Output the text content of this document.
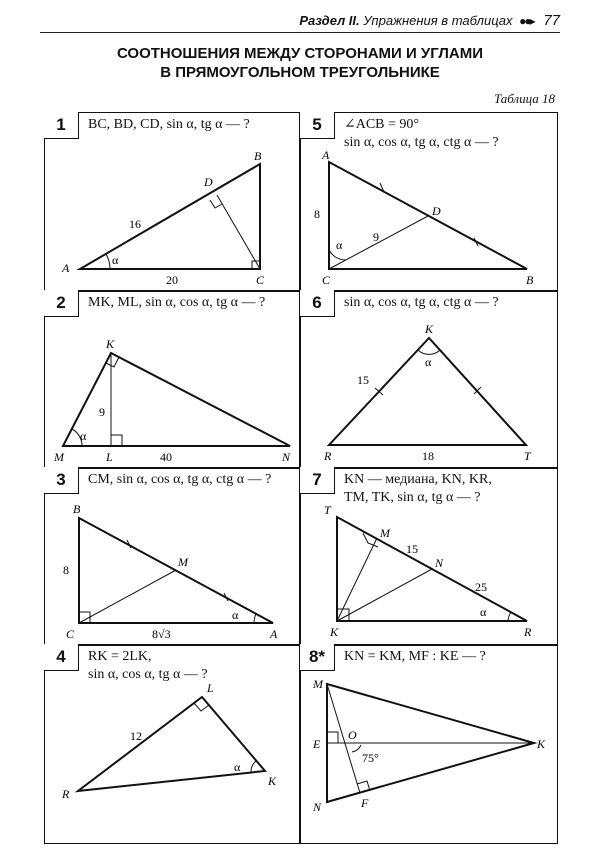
Раздел II. Упражнения в таблицах ●●▸ 77
СООТНОШЕНИЯ МЕЖДУ СТОРОНАМИ И УГЛАМИ
В ПРЯМОУГОЛЬНОМ ТРЕУГОЛЬНИКЕ
Таблица 18
1	BC, BD, CD, sin α, tg α — ?
A
B
C
D
16
20
α
5	∠ACB = 90°
sin α, cos α, tg α, ctg α — ?
A
C	B
D
8
9
α
2	MK, ML, sin α, cos α, tg α — ?
K
M	L	N
9
40
α
6	sin α, cos α, tg α, ctg α — ?
K
R	T
15
18
α
3	CM, sin α, cos α, tg α, ctg α — ?
B
C	A
M
8
8√3
α
7	KN — медиана, KN, KR,
TM, TK, sin α, tg α — ?
T
M
N
K	R
15
25
α
4	RK = 2LK,
sin α, cos α, tg α — ?
R
L
K
12
α
8*	KN = KM, MF : KE — ?
M
E
O
N	F
K
75°
